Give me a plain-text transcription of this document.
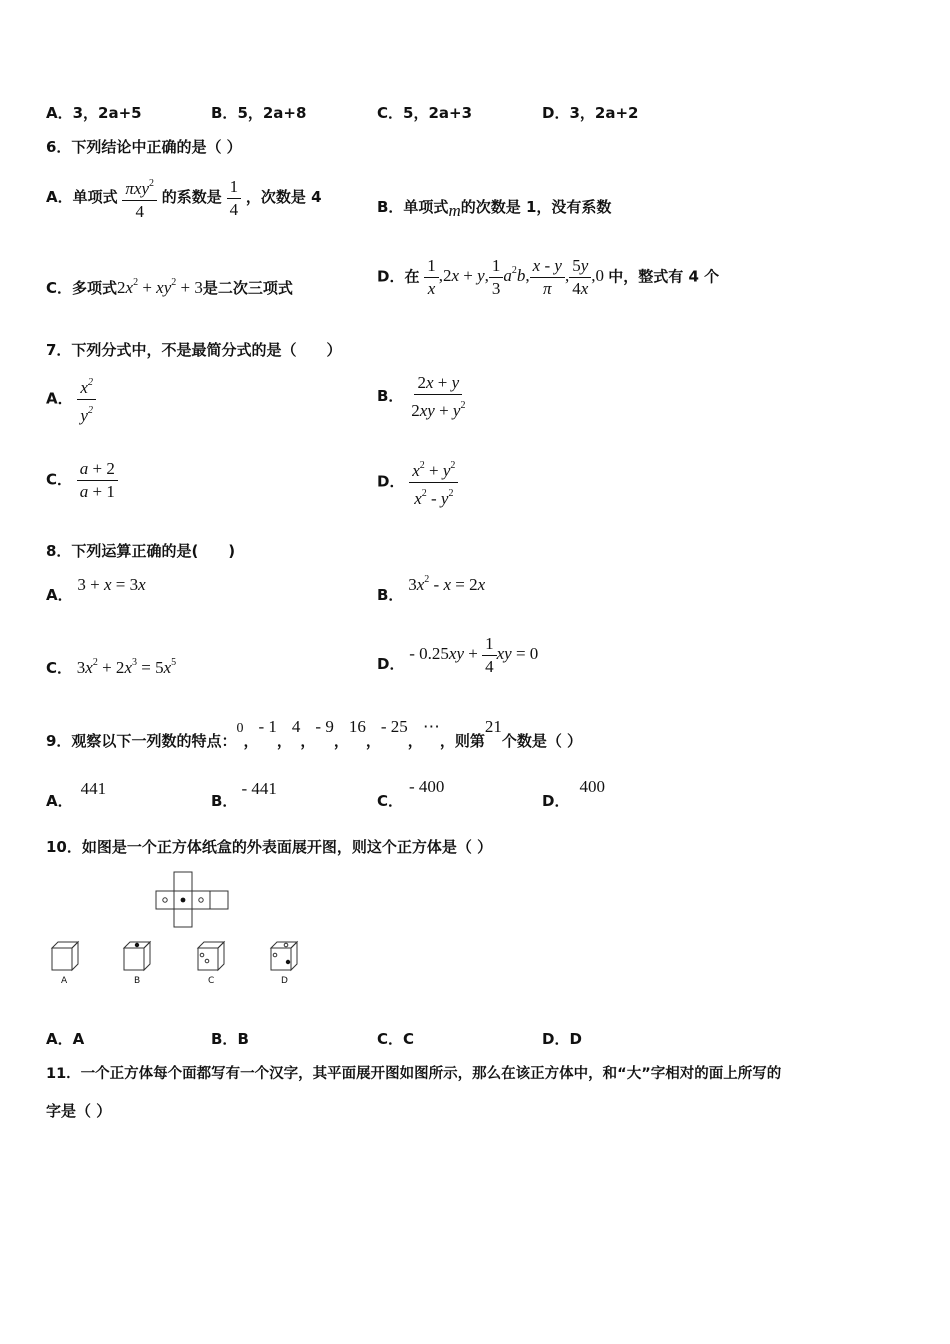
A．3，2a+5	B．5，2a+8	C．5，2a+3	D．3，2a+2
6．下列结论中正确的是（ ）
A．单项式 $\frac{\pi xy^2}{4}$ 的系数是 $\frac{1}{4}$ ，次数是 4
B．单项式m的次数是 1，没有系数
C．多项式$2x^2 + xy^2 + 3$是二次三项式
D．在 $\frac{1}{x} ,2x + y$, $\frac{1}{3} a^2b$, $\frac{x - y}{\pi}$ , $\frac{5y}{4x} ,0$ 中，整式有 4 个
7．下列分式中，不是最简分式的是（　　）
A． $\frac{x^2}{y^2}$	B． $\frac{2x + y}{2xy + y^2}$
C． $\frac{a + 2}{a + 1}$	D． $\frac{x^2 + y^2}{x^2 - y^2}$
8．下列运算正确的是(　　)
A． 3 + x = 3x
B． $3x^2 - x = 2x$
C． $3x^2 + 2x^3 = 5x^5$	D． - $0.25xy + \frac{1}{4}$ xy = 0
9．观察以下一列数的特点：0，- 1，4，- 9，16，- 25，⋯，则第21个数是（ ）
A．441
B．- 441
C．- 400
D．400
10．如图是一个正方体纸盒的外表面展开图，则这个正方体是（ ）
A	B	C	D
A．A	B．B	C．C	D．D
11．一个正方体每个面都写有一个汉字，其平面展开图如图所示，那么在该正方体中，和“大”字相对的面上所写的
字是（ ）
